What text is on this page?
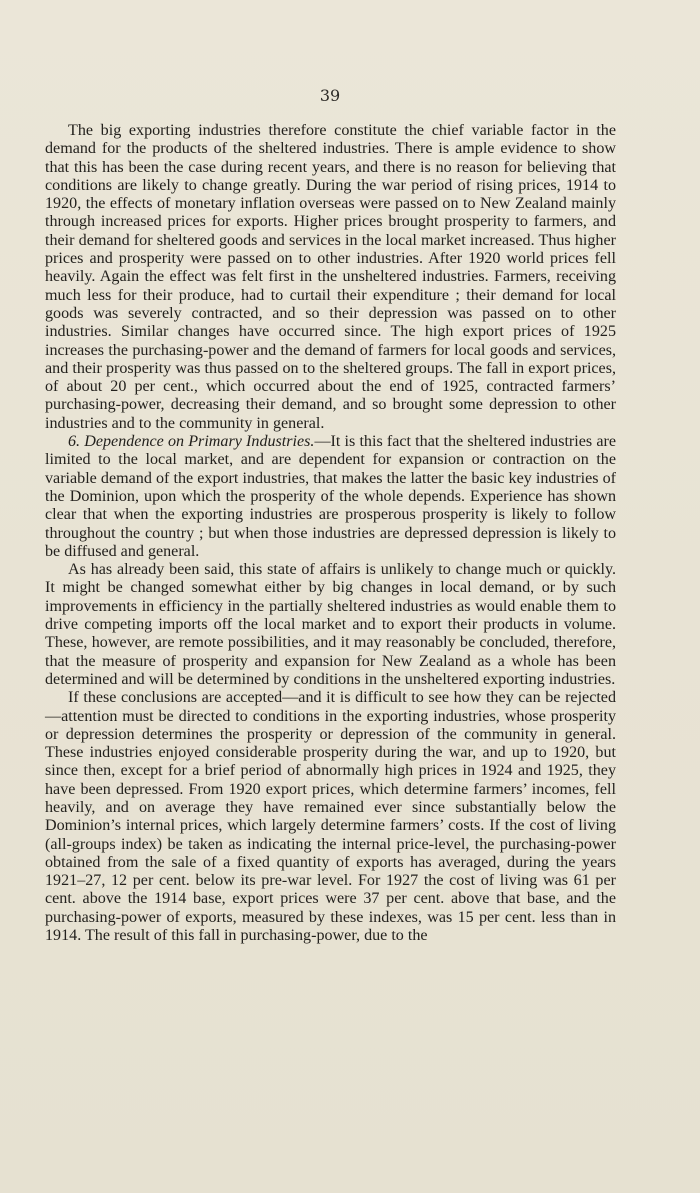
39

The big exporting industries therefore constitute the chief variable factor in the demand for the products of the sheltered industries. There is ample evidence to show that this has been the case during recent years, and there is no reason for believing that conditions are likely to change greatly. During the war period of rising prices, 1914 to 1920, the effects of monetary inflation overseas were passed on to New Zealand mainly through increased prices for exports. Higher prices brought prosperity to farmers, and their demand for sheltered goods and services in the local market increased. Thus higher prices and prosperity were passed on to other industries. After 1920 world prices fell heavily. Again the effect was felt first in the unsheltered industries. Farmers, receiving much less for their produce, had to curtail their expenditure ; their demand for local goods was severely contracted, and so their depression was passed on to other industries. Similar changes have occurred since. The high export prices of 1925 increases the purchasing-power and the demand of farmers for local goods and services, and their prosperity was thus passed on to the sheltered groups. The fall in export prices, of about 20 per cent., which occurred about the end of 1925, contracted farmers’ purchasing-power, decreasing their demand, and so brought some depression to other industries and to the community in general.

6. Dependence on Primary Industries.—It is this fact that the sheltered industries are limited to the local market, and are dependent for expansion or contraction on the variable demand of the export industries, that makes the latter the basic key industries of the Dominion, upon which the prosperity of the whole depends. Experience has shown clear that when the exporting industries are prosperous prosperity is likely to follow throughout the country ; but when those industries are depressed depression is likely to be diffused and general.

As has already been said, this state of affairs is unlikely to change much or quickly. It might be changed somewhat either by big changes in local demand, or by such improvements in efficiency in the partially sheltered industries as would enable them to drive competing imports off the local market and to export their products in volume. These, however, are remote possibilities, and it may reasonably be concluded, therefore, that the measure of prosperity and expansion for New Zealand as a whole has been determined and will be determined by conditions in the unsheltered exporting industries.

If these conclusions are accepted—and it is difficult to see how they can be rejected—attention must be directed to conditions in the exporting industries, whose prosperity or depression determines the prosperity or depression of the community in general. These industries enjoyed considerable prosperity during the war, and up to 1920, but since then, except for a brief period of abnormally high prices in 1924 and 1925, they have been depressed. From 1920 export prices, which determine farmers’ incomes, fell heavily, and on average they have remained ever since substantially below the Dominion’s internal prices, which largely determine farmers’ costs. If the cost of living (all-groups index) be taken as indicating the internal price-level, the purchasing-power obtained from the sale of a fixed quantity of exports has averaged, during the years 1921–27, 12 per cent. below its pre-war level. For 1927 the cost of living was 61 per cent. above the 1914 base, export prices were 37 per cent. above that base, and the purchasing-power of exports, measured by these indexes, was 15 per cent. less than in 1914. The result of this fall in purchasing-power, due to the
